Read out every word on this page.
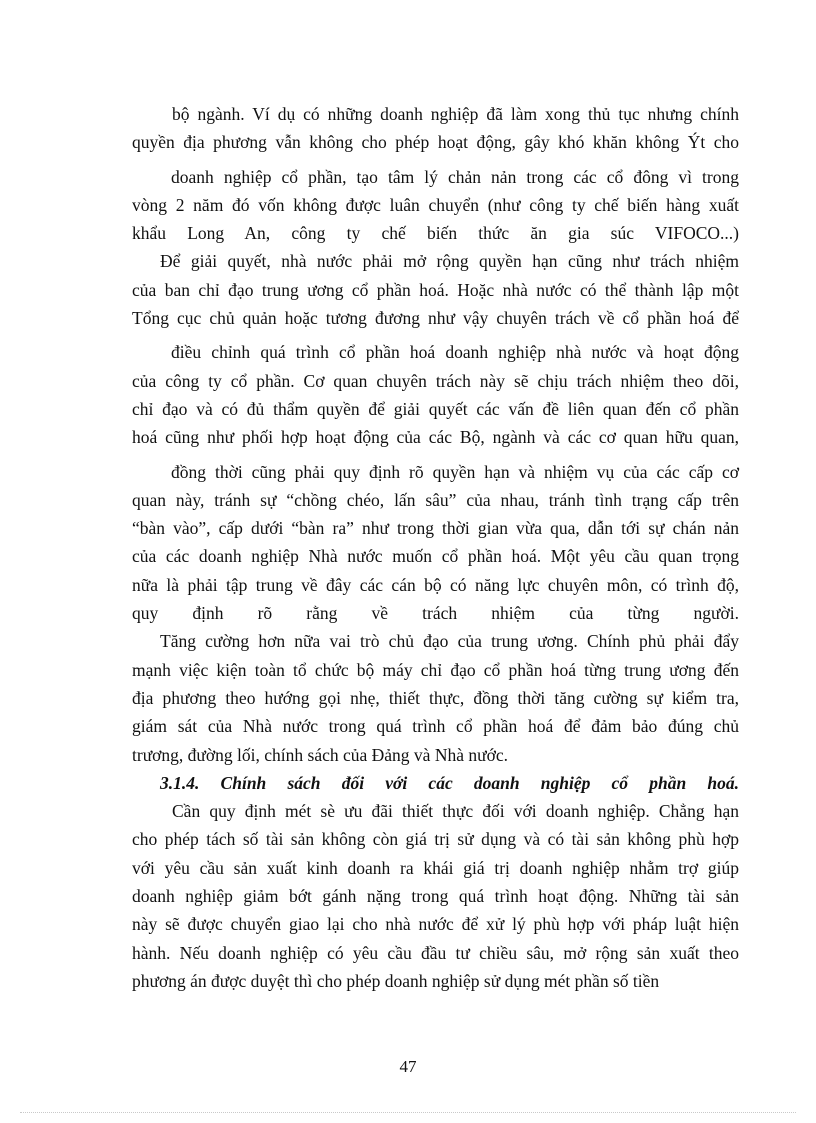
bộ ngành. Ví dụ có những doanh nghiệp đã làm xong thủ tục nhưng chính
quyền địa phương vẫn không cho phép hoạt động, gây khó khăn không Ýt cho
doanh nghiệp cổ phần, tạo tâm lý chản nản trong các cổ đông vì trong
vòng 2 năm đó vốn không được luân chuyển (như công ty chế biến hàng xuất
khẩu Long An, công ty chế biến thức ăn gia súc VIFOCO...)
Để giải quyết, nhà nước phải mở rộng quyền hạn cũng như trách nhiệm
của ban chỉ đạo trung ương cổ phần hoá. Hoặc nhà nước có thể thành lập một
Tổng cục chủ quản hoặc tương đương như vậy chuyên trách về cổ phần hoá để
điều chỉnh quá trình cổ phần hoá doanh nghiệp nhà nước và hoạt động
của công ty cổ phần. Cơ quan chuyên trách này sẽ chịu trách nhiệm theo dõi,
chỉ đạo và có đủ thẩm quyền để giải quyết các vấn đề liên quan đến cổ phần
hoá cũng như phối hợp hoạt động của các Bộ, ngành và các cơ quan hữu quan,
đồng thời cũng phải quy định rõ quyền hạn và nhiệm vụ của các cấp cơ
quan này, tránh sự “chồng chéo, lấn sâu” của nhau, tránh tình trạng cấp trên
“bàn vào”, cấp dưới “bàn ra” như trong thời gian vừa qua, dẫn tới sự chán nản
của các doanh nghiệp Nhà nước muốn cổ phần hoá. Một yêu cầu quan trọng
nữa là phải tập trung về đây các cán bộ có năng lực chuyên môn, có trình độ,
quy định rõ rằng về trách nhiệm của từng người.
Tăng cường hơn nữa vai trò chủ đạo của trung ương. Chính phủ phải đẩy
mạnh việc kiện toàn tổ chức bộ máy chỉ đạo cổ phần hoá từng trung ương đến
địa phương theo hướng gọi nhẹ, thiết thực, đồng thời tăng cường sự kiểm tra,
giám sát của Nhà nước trong quá trình cổ phần hoá để đảm bảo đúng chủ
trương, đường lối, chính sách của Đảng và Nhà nước.
3.1.4. Chính sách đối với các doanh nghiệp cổ phần hoá.
Cần quy định mét sè ưu đãi thiết thực đối với doanh nghiệp. Chẳng hạn
cho phép tách số tài sản không còn giá trị sử dụng và có tài sản không phù hợp
với yêu cầu sản xuất kinh doanh ra khái giá trị doanh nghiệp nhằm trợ giúp
doanh nghiệp giảm bớt gánh nặng trong quá trình hoạt động. Những tài sản
này sẽ được chuyển giao lại cho nhà nước để xử lý phù hợp với pháp luật hiện
hành. Nếu doanh nghiệp có yêu cầu đầu tư chiều sâu, mở rộng sản xuất theo
phương án được duyệt thì cho phép doanh nghiệp sử dụng mét phần số tiền
47
